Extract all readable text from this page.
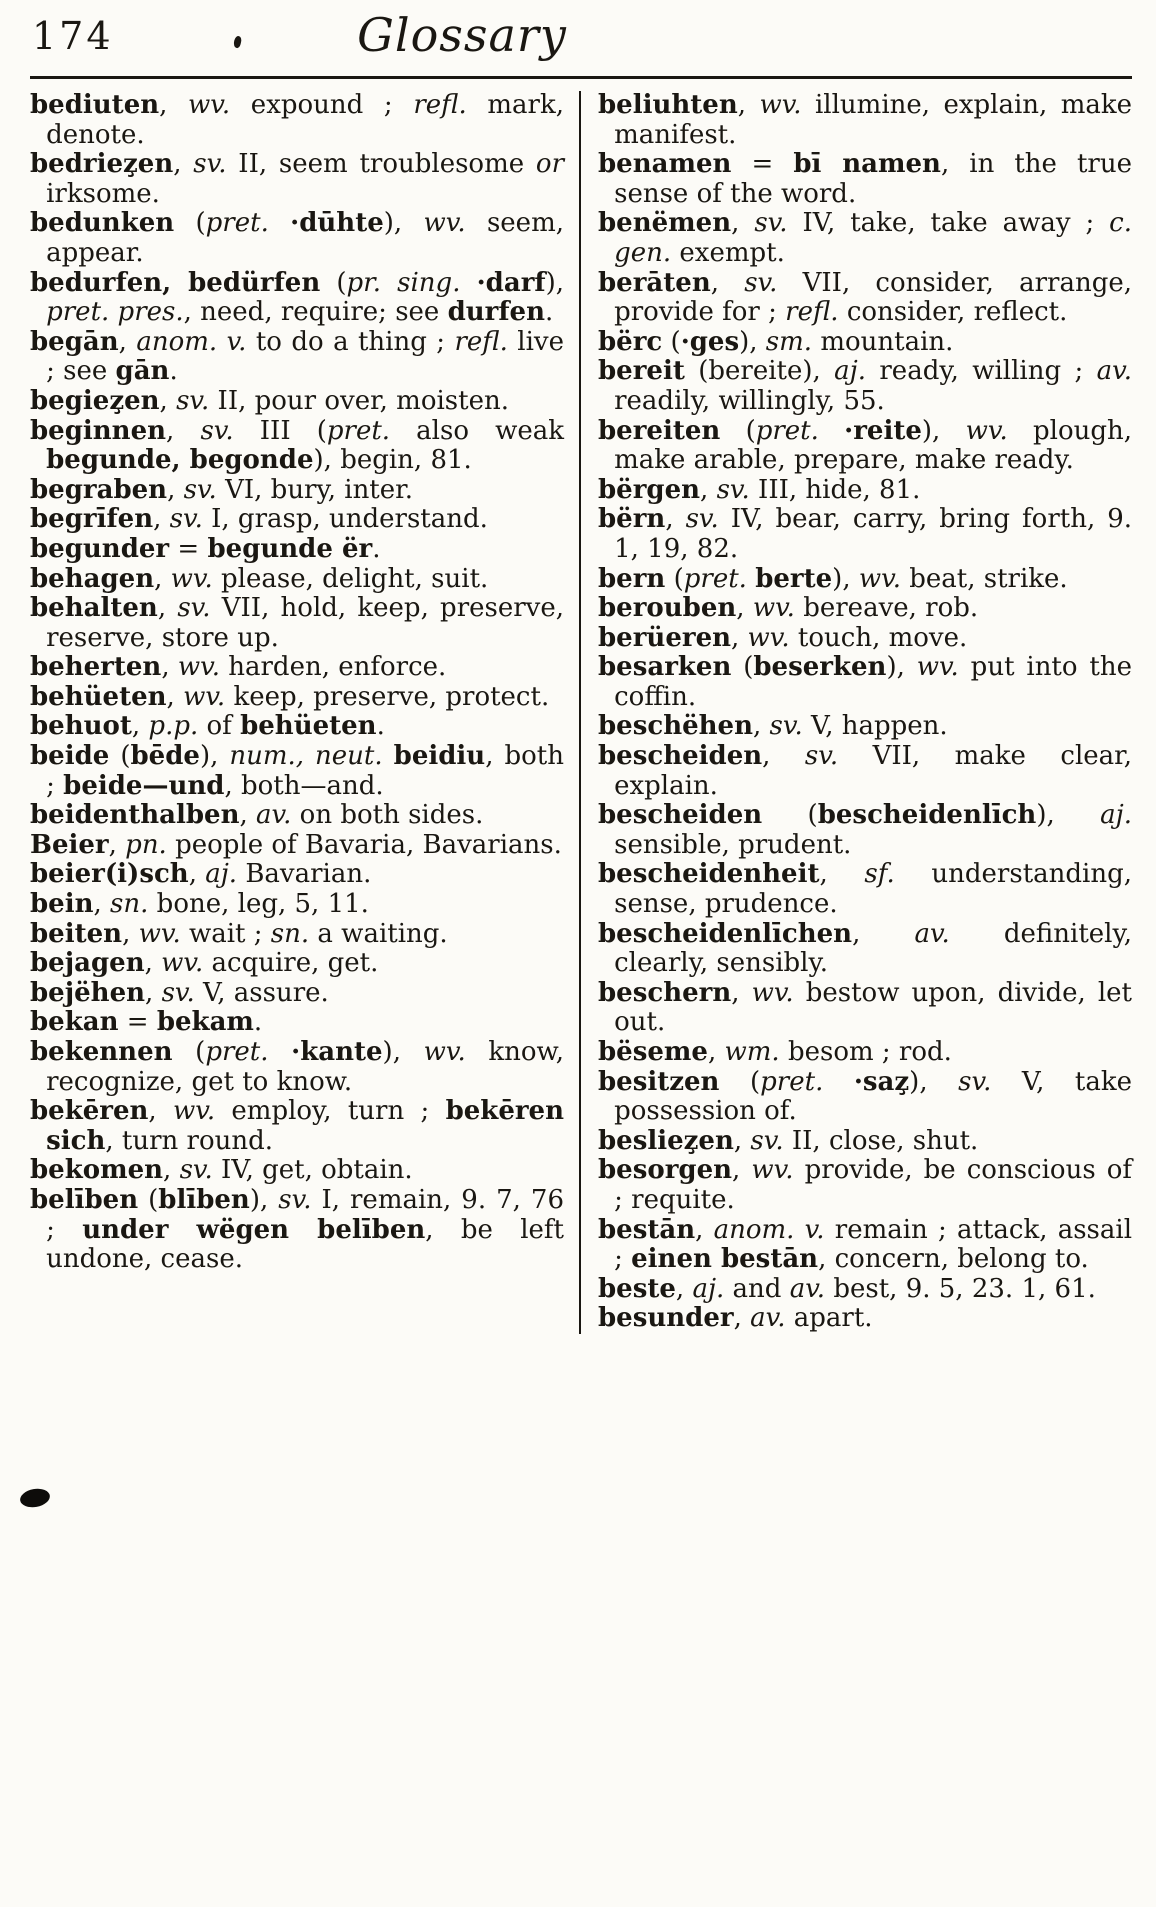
174	Glossary

bediuten, wv. expound ; refl. mark, denote.

bedriez̧en, sv. II, seem troublesome or irksome.

bedunken (pret. ·dūhte), wv. seem, appear.

bedurfen, bedürfen (pr. sing. ·darf), pret. pres., need, require; see durfen.

begān, anom. v. to do a thing ; refl. live ; see gān.

begiez̧en, sv. II, pour over, moisten.

beginnen, sv. III (pret. also weak begunde, begonde), begin, 81.

begraben, sv. VI, bury, inter.

begrīfen, sv. I, grasp, understand.

begunder = begunde ër.

behagen, wv. please, delight, suit.

behalten, sv. VII, hold, keep, preserve, reserve, store up.

beherten, wv. harden, enforce.

behüeten, wv. keep, preserve, protect.

behuot, p.p. of behüeten.

beide (bēde), num., neut. beidiu, both ; beide—und, both—and.

beidenthalben, av. on both sides.

Beier, pn. people of Bavaria, Bavarians.

beier(i)sch, aj. Bavarian.

bein, sn. bone, leg, 5, 11.

beiten, wv. wait ; sn. a waiting.

bejagen, wv. acquire, get.

bejëhen, sv. V, assure.

bekan = bekam.

bekennen (pret. ·kante), wv. know, recognize, get to know.

bekēren, wv. employ, turn ; bekēren sich, turn round.

bekomen, sv. IV, get, obtain.

belīben (blīben), sv. I, remain, 9. 7, 76 ; under wëgen belīben, be left undone, cease.

beliuhten, wv. illumine, explain, make manifest.

benamen = bī namen, in the true sense of the word.

benëmen, sv. IV, take, take away ; c. gen. exempt.

berāten, sv. VII, consider, arrange, provide for ; refl. consider, reflect.

bërc (·ges), sm. mountain.

bereit (bereite), aj. ready, willing ; av. readily, willingly, 55.

bereiten (pret. ·reite), wv. plough, make arable, prepare, make ready.

bërgen, sv. III, hide, 81.

bërn, sv. IV, bear, carry, bring forth, 9. 1, 19, 82.

bern (pret. berte), wv. beat, strike.

berouben, wv. bereave, rob.

berüeren, wv. touch, move.

besarken (beserken), wv. put into the coffin.

beschëhen, sv. V, happen.

bescheiden, sv. VII, make clear, explain.

bescheiden (bescheidenlīch), aj. sensible, prudent.

bescheidenheit, sf. understanding, sense, prudence.

bescheidenlīchen, av. definitely, clearly, sensibly.

beschern, wv. bestow upon, divide, let out.

bëseme, wm. besom ; rod.

besitzen (pret. ·saz̧), sv. V, take possession of.

besliez̧en, sv. II, close, shut.

besorgen, wv. provide, be conscious of ; requite.

bestān, anom. v. remain ; attack, assail ; einen bestān, concern, belong to.

beste, aj. and av. best, 9. 5, 23. 1, 61.

besunder, av. apart.
